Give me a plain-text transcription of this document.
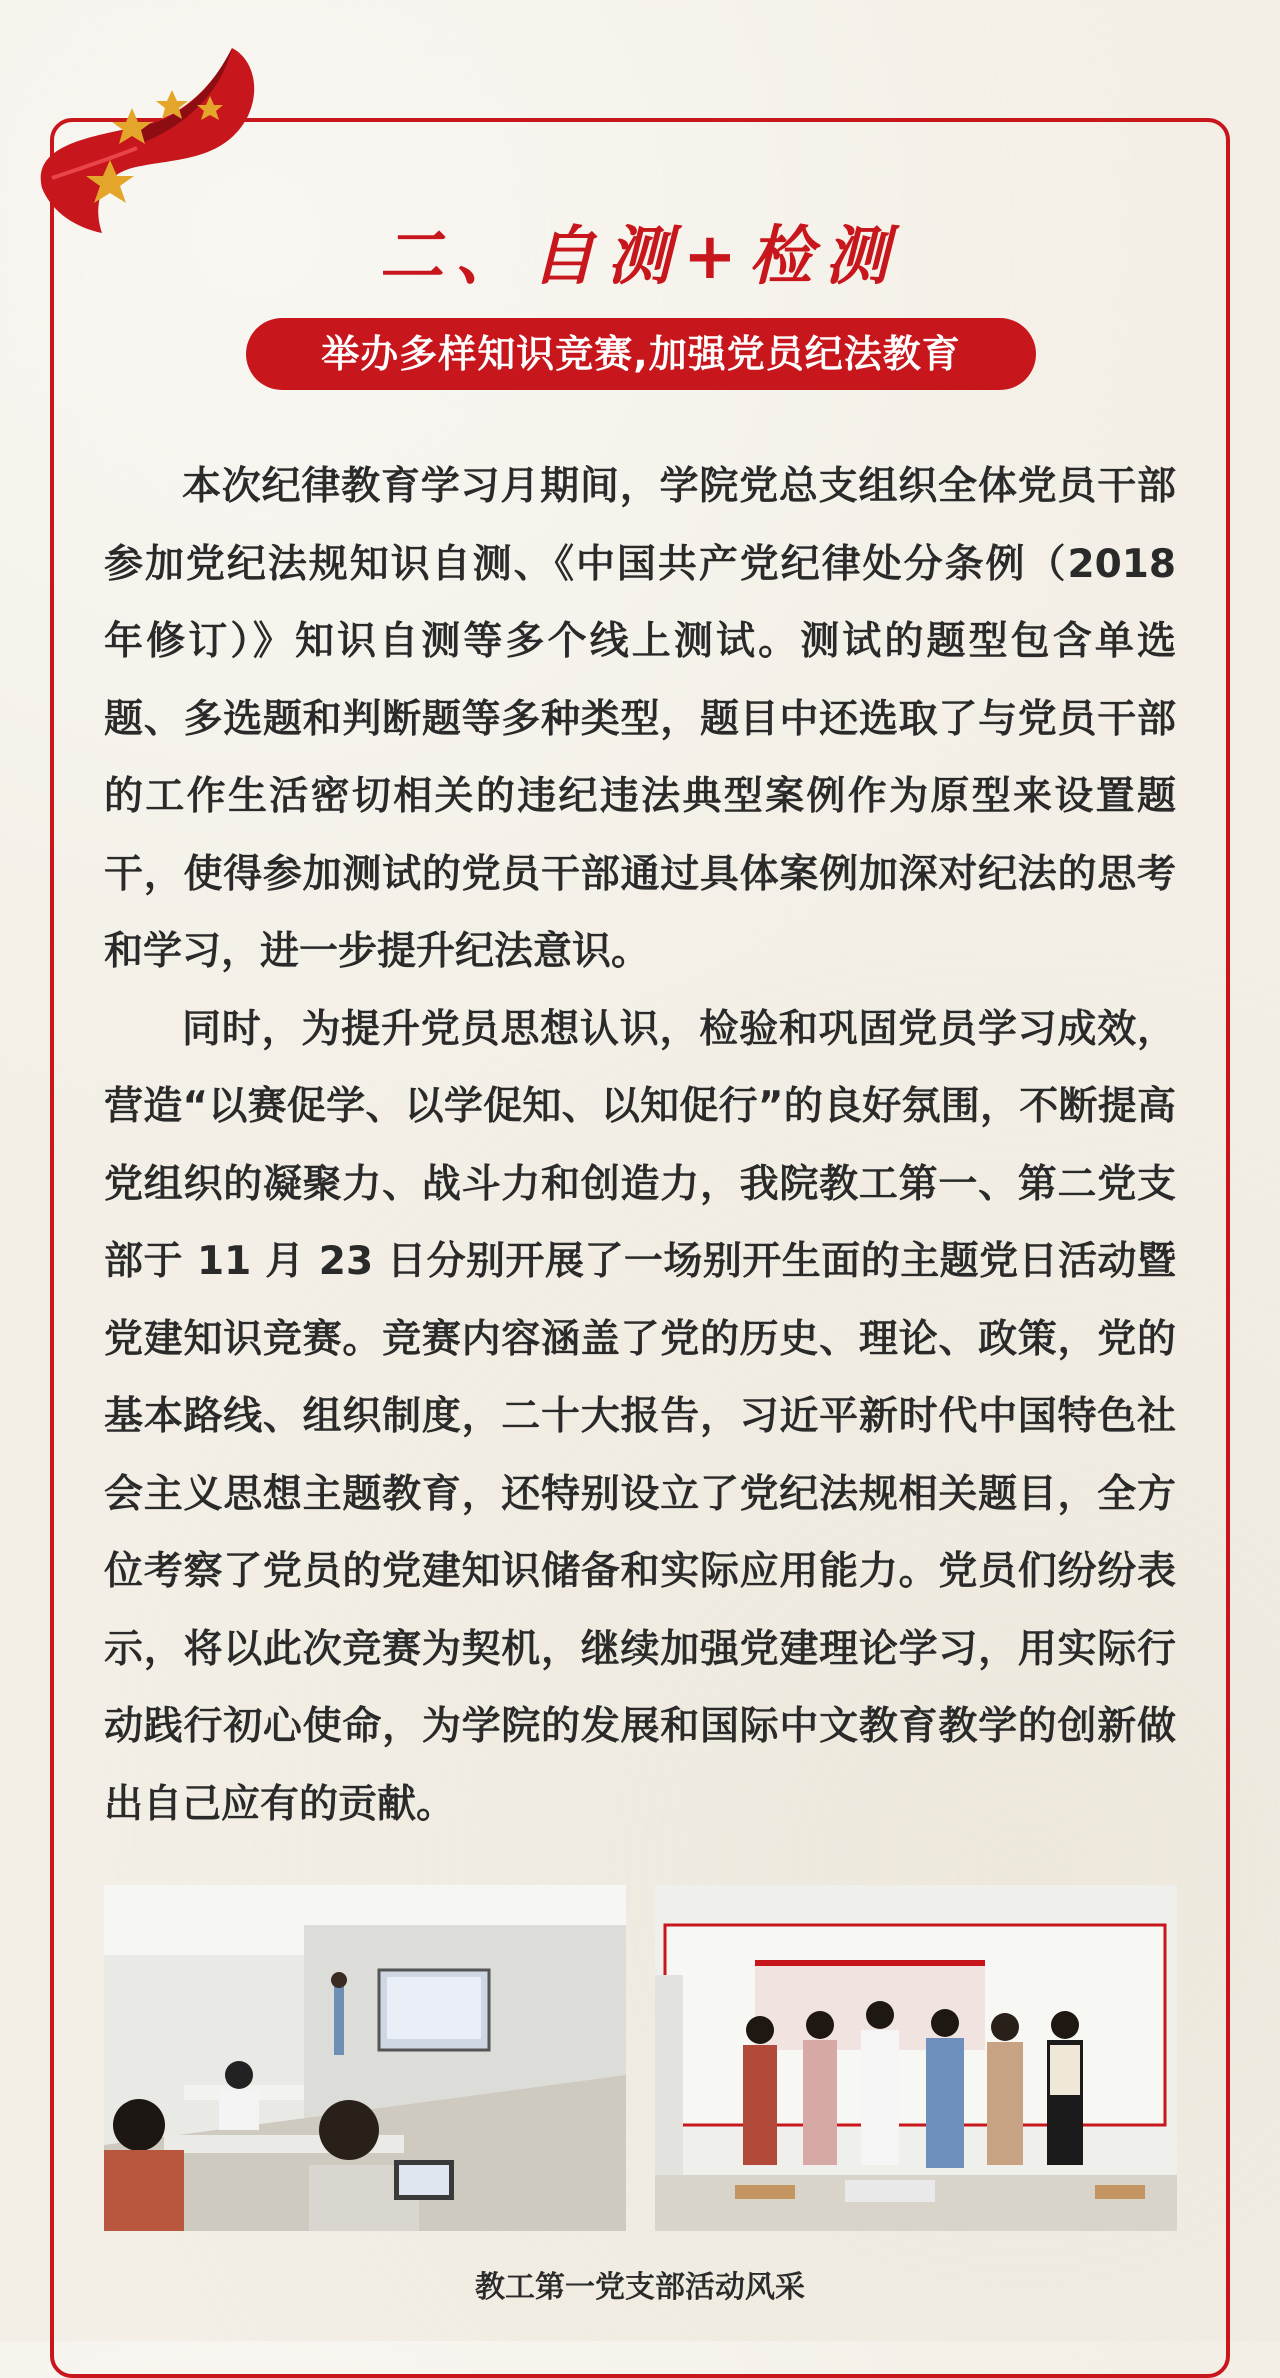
二、自测+检测
举办多样知识竞赛,加强党员纪法教育

本次纪律教育学习月期间，学院党总支组织全体党员干部参加党纪法规知识自测、《中国共产党纪律处分条例（2018 年修订）》知识自测等多个线上测试。测试的题型包含单选题、多选题和判断题等多种类型，题目中还选取了与党员干部的工作生活密切相关的违纪违法典型案例作为原型来设置题干，使得参加测试的党员干部通过具体案例加深对纪法的思考和学习，进一步提升纪法意识。

同时，为提升党员思想认识，检验和巩固党员学习成效，营造“以赛促学、以学促知、以知促行”的良好氛围，不断提高党组织的凝聚力、战斗力和创造力，我院教工第一、第二党支部于 11 月 23 日分别开展了一场别开生面的主题党日活动暨党建知识竞赛。竞赛内容涵盖了党的历史、理论、政策，党的基本路线、组织制度，二十大报告，习近平新时代中国特色社会主义思想主题教育，还特别设立了党纪法规相关题目，全方位考察了党员的党建知识储备和实际应用能力。党员们纷纷表示，将以此次竞赛为契机，继续加强党建理论学习，用实际行动践行初心使命，为学院的发展和国际中文教育教学的创新做出自己应有的贡献。

教工第一党支部活动风采
